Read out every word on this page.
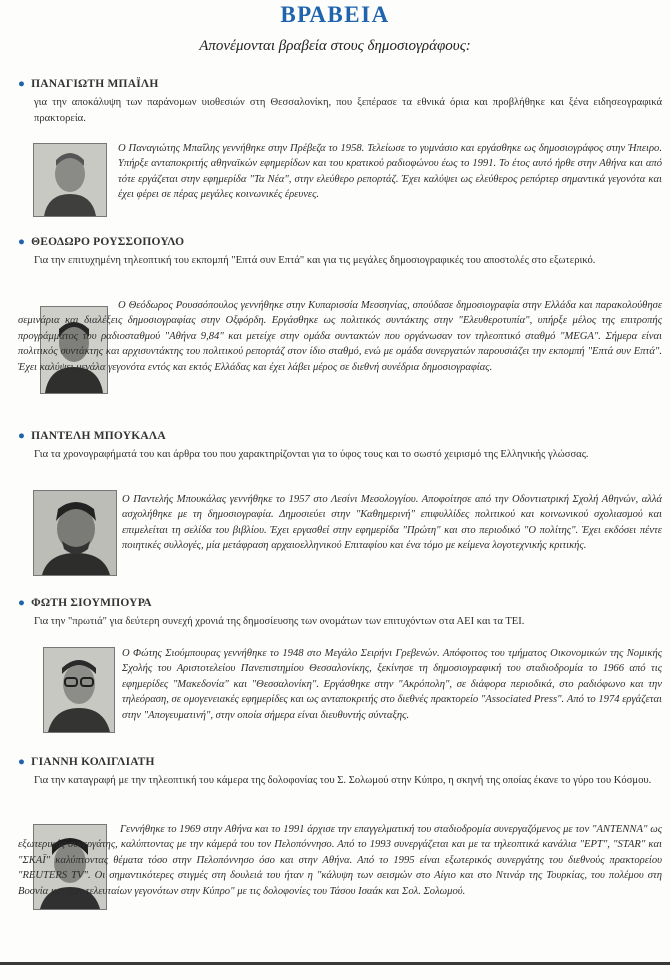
ΒΡΑΒΕΙΑ
Απονέμονται βραβεία στους δημοσιογράφους:
● ΠΑΝΑΓΙΩΤΗ ΜΠΑΪΛΗ
για την αποκάλυψη των παράνομων υιοθεσιών στη Θεσσαλονίκη, που ξεπέρασε τα εθνικά όρια και προβλήθηκε και ξένα ειδησεογραφικά πρακτορεία.
Ο Παναγιώτης Μπαΐλης γεννήθηκε στην Πρέβεζα το 1958. Τελείωσε το γυμνάσιο και εργάσθηκε ως δημοσιογράφος στην Ήπειρο. Υπήρξε ανταποκριτής αθηναϊκών εφημερίδων και του κρατικού ραδιοφώνου έως το 1991. Το έτος αυτό ήρθε στην Αθήνα και από τότε εργάζεται στην εφημερίδα "Τα Νέα", στην ελεύθερο ρεπορτάζ. Έχει καλύψει ως ελεύθερος ρεπόρτερ σημαντικά γεγονότα και έχει φέρει σε πέρας μεγάλες κοινωνικές έρευνες.
● ΘΕΟΔΩΡΟ ΡΟΥΣΣΟΠΟΥΛΟ
Για την επιτυχημένη τηλεοπτική του εκπομπή "Επτά συν Επτά" και για τις μεγάλες δημοσιογραφικές του αποστολές στο εξωτερικό.
Ο Θεόδωρος Ρουσσόπουλος γεννήθηκε στην Κυπαρισσία Μεσσηνίας, σπούδασε δημοσιογραφία στην Ελλάδα και παρακολούθησε σεμινάρια και διαλέξεις δημοσιογραφίας στην Οξφόρδη. Εργάσθηκε ως πολιτικός συντάκτης στην "Ελευθεροτυπία", υπήρξε μέλος της επιτροπής προγράμματος του ραδιοσταθμού "Αθήνα 9,84" και μετείχε στην ομάδα συντακτών που οργάνωσαν τον τηλεοπτικό σταθμό "MEGA". Σήμερα είναι πολιτικός συντάκτης και αρχισυντάκτης του πολιτικού ρεπορτάζ στον ίδιο σταθμό, ενώ με ομάδα συνεργατών παρουσιάζει την εκπομπή "Επτά συν Επτά". Έχει καλύψει μεγάλα γεγονότα εντός και εκτός Ελλάδας και έχει λάβει μέρος σε διεθνή συνέδρια δημοσιογραφίας.
● ΠΑΝΤΕΛΗ ΜΠΟΥΚΑΛΑ
Για τα χρονογραφήματά του και άρθρα του που χαρακτηρίζονται για το ύφος τους και το σωστό χειρισμό της Ελληνικής γλώσσας.
Ο Παντελής Μπουκάλας γεννήθηκε το 1957 στο Λεσίνι Μεσολογγίου. Αποφοίτησε από την Οδοντιατρική Σχολή Αθηνών, αλλά ασχολήθηκε με τη δημοσιογραφία. Δημοσιεύει στην "Καθημερινή" επιφυλλίδες πολιτικού και κοινωνικού σχολιασμού και επιμελείται τη σελίδα του βιβλίου. Έχει εργασθεί στην εφημερίδα "Πρώτη" και στο περιοδικό "Ο πολίτης". Έχει εκδόσει πέντε ποιητικές συλλογές, μία μετάφραση αρχαιοελληνικού Επιταφίου και ένα τόμο με κείμενα λογοτεχνικής κριτικής.
● ΦΩΤΗ ΣΙΟΥΜΠΟΥΡΑ
Για την "πρωτιά" για δεύτερη συνεχή χρονιά της δημοσίευσης των ονομάτων των επιτυχόντων στα ΑΕΙ και τα ΤΕΙ.
Ο Φώτης Σιούμπουρας γεννήθηκε το 1948 στο Μεγάλο Σειρήνι Γρεβενών. Απόφοιτος του τμήματος Οικονομικών της Νομικής Σχολής του Αριστοτελείου Πανεπιστημίου Θεσσαλονίκης, ξεκίνησε τη δημοσιογραφική του σταδιοδρομία το 1966 από τις εφημερίδες "Μακεδονία" και "Θεσσαλονίκη". Εργάσθηκε στην "Ακρόπολη", σε διάφορα περιοδικά, στο ραδιόφωνο και την τηλεόραση, σε ομογενειακές εφημερίδες και ως ανταποκριτής στο διεθνές πρακτορείο "Associated Press". Από το 1974 εργάζεται στην "Απογευματινή", στην οποία σήμερα είναι διευθυντής σύνταξης.
● ΓΙΑΝΝΗ ΚΟΛΙΓΛΙΑΤΗ
Για την καταγραφή με την τηλεοπτική του κάμερα της δολοφονίας του Σ. Σολωμού στην Κύπρο, η σκηνή της οποίας έκανε το γύρο του Κόσμου.
Γεννήθηκε το 1969 στην Αθήνα και το 1991 άρχισε την επαγγελματική του σταδιοδρομία συνεργαζόμενος με τον "ANTENNA" ως εξωτερικός συνεργάτης, καλύπτοντας με την κάμερά του τον Πελοπόννησο. Από το 1993 συνεργάζεται και με τα τηλεοπτικά κανάλια "ΕΡΤ", "STAR" και "ΣΚΑΪ" καλύπτοντας θέματα τόσο στην Πελοπόννησο όσο και στην Αθήνα. Από το 1995 είναι εξωτερικός συνεργάτης του διεθνούς πρακτορείου "REUTERS TV". Οι σημαντικότερες στιγμές στη δουλειά του ήταν η "κάλυψη των σεισμών στο Αίγιο και στο Ντινάρ της Τουρκίας, του πολέμου στη Βοσνία και των τελευταίων γεγονότων στην Κύπρο" με τις δολοφονίες του Τάσου Ισαάκ και Σολ. Σολωμού.
